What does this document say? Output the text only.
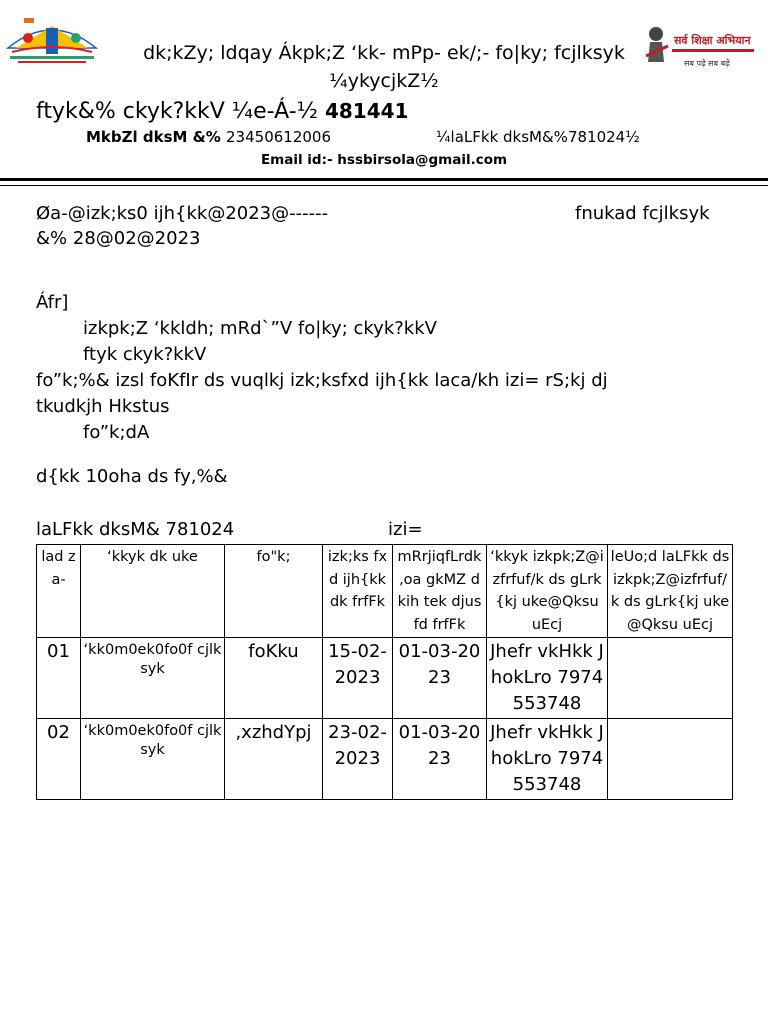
सर्व शिक्षा अभियान
सब पढ़ें सब बढ़ें
dk;kZy; ldqay Ákpk;Z ‘kk- mPp- ek/;- fo|ky; fcjlksyk
¼ykycjkZ½
ftyk&% ckyk?kkV ¼e-Á-½ 481441
MkbZl dksM &% 23450612006	¼laLFkk dksM&%781024½
Email id:- hssbirsola@gmail.com
Øa-@izk;ks0 ijh{kk@2023@------	fnukad fcjlksyk
&% 28@02@2023
Áfr]
izkpk;Z ‘kkldh; mRd`”V fo|ky; ckyk?kkV
ftyk ckyk?kkV
fo”k;%& izsl foKfIr ds vuqlkj izk;ksfxd ijh{kk laca/kh izi= rS;kj dj
tkudkjh Hkstus
fo”k;dA
d{kk 10oha ds fy,%&
laLFkk dksM& 781024	izi=
lad za-	‘kkyk dk uke	fo"k;	izk;ks fxd ijh{kk dk frfFk	mRrjiqfLrdk ,oa gkMZ dkih tek djus fd frfFk	‘kkyk izkpk;Z@izfrfuf/k ds gLrk{kj uke@Qksu uEcj	leUo;d laLFkk ds izkpk;Z@izfrfuf/k ds gLrk{kj uke@Qksu uEcj
01	‘kk0m0ek0fo0f cjlksyk	foKku	15-02-2023	01-03-2023	Jhefr vkHkk JhokLro 7974553748	
02	‘kk0m0ek0fo0f cjlksyk	,xzhdYpj	23-02-2023	01-03-2023	Jhefr vkHkk JhokLro 7974553748	
